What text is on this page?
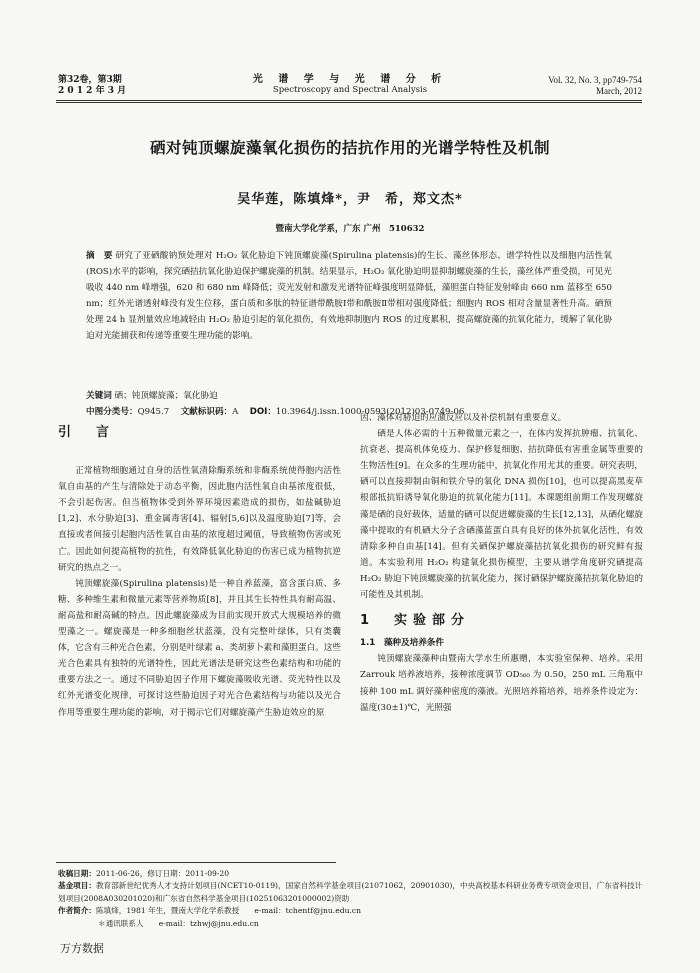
第32卷，第3期
2 0 1 2 年 3 月
光 谱 学 与 光 谱 分 析
Spectroscopy and Spectral Analysis
Vol. 32, No. 3, pp749-754
March, 2012
硒对钝顶螺旋藻氧化损伤的拮抗作用的光谱学特性及机制
吴华莲，陈填烽*，尹　希，郑文杰*
暨南大学化学系，广东 广州　510632
摘　要 研究了亚硒酸钠预处理对 H₂O₂ 氧化胁迫下钝顶螺旋藻(Spirulina platensis)的生长、藻丝体形态、谱学特性以及细胞内活性氧(ROS)水平的影响，探究硒拮抗氧化胁迫保护螺旋藻的机制。结果显示，H₂O₂ 氧化胁迫明显抑制螺旋藻的生长，藻丝体严重受损，可见光吸收 440 nm 峰增强，620 和 680 nm 峰降低；荧光发射和激发光谱特征峰强度明显降低，藻胆蛋白特征发射峰由 660 nm 蓝移至 650 nm；红外光谱透射峰没有发生位移，蛋白质和多肽的特征谱带酰胺Ⅰ带和酰胺Ⅱ带相对强度降低；细胞内 ROS 相对含量显著性升高。硒预处理 24 h 显剂量效应地减轻由 H₂O₂ 胁迫引起的氧化损伤，有效地抑制胞内 ROS 的过度累积，提高螺旋藻的抗氧化能力，缓解了氧化胁迫对光能捕获和传递等重要生理功能的影响。
关键词 硒；钝顶螺旋藻；氧化胁迫
中图分类号：Q945.7   文献标识码：A   DOI：10.3964/j.issn.1000-0593(2012)03-0749-06
引　言

正常植物细胞通过自身的活性氧清除酶系统和非酶系统使得胞内活性氧自由基的产生与清除处于动态平衡，因此胞内活性氧自由基浓度很低，不会引起伤害。但当植物体受到外界环境因素造成的损伤，如盐碱胁迫[1,2]、水分胁迫[3]、重金属毒害[4]、辐射[5,6]以及温度胁迫[7]等，会直接或者间接引起胞内活性氧自由基的浓度超过阈值，导致植物伤害或死亡。因此如何提高植物的抗性，有效降低氧化胁迫的伤害已成为植物抗逆研究的热点之一。

钝顶螺旋藻(Spirulina platensis)是一种自养蓝藻，富含蛋白质、多糖、多种维生素和微量元素等营养物质[8]，并且其生长特性具有耐高温、耐高盐和耐高碱的特点。因此螺旋藻成为目前实现开放式大规模培养的微型藻之一。螺旋藻是一种多细胞丝状蓝藻，没有完整叶绿体，只有类囊体，它含有三种光合色素，分别是叶绿素 a、类胡萝卜素和藻胆蛋白。这些光合色素具有独特的光谱特性，因此光谱法是研究这些色素结构和功能的重要方法之一。通过不同胁迫因子作用下螺旋藻吸收光谱、荧光特性以及红外光谱变化规律，可探讨这些胁迫因子对光合色素结构与功能以及光合作用等重要生理功能的影响，对于揭示它们对螺旋藻产生胁迫效应的原

因、藻体对胁迫的应激反应以及补偿机制有重要意义。

硒是人体必需的十五种微量元素之一，在体内发挥抗肿瘤、抗氧化、抗衰老、提高机体免疫力、保护修复细胞、拮抗降低有害重金属等重要的生物活性[9]。在众多的生理功能中，抗氧化作用尤其的重要。研究表明，硒可以直接抑制由铜和铁介导的氧化 DNA 损伤[10]，也可以提高黑麦草根部抵抗铅诱导氧化胁迫的抗氧化能力[11]。本课题组前期工作发现螺旋藻是硒的良好载体，适量的硒可以促进螺旋藻的生长[12,13]，从硒化螺旋藻中提取的有机硒大分子含硒藻蓝蛋白具有良好的体外抗氧化活性，有效清除多种自由基[14]。但有关硒保护螺旋藻拮抗氧化损伤的研究鲜有报道。本实验利用 H₂O₂ 构建氧化损伤模型，主要从谱学角度研究硒提高 H₂O₂ 胁迫下钝顶螺旋藻的抗氧化能力，探讨硒保护螺旋藻拮抗氧化胁迫的可能性及其机制。

1　实验部分
1.1　藻种及培养条件

钝顶螺旋藻藻种由暨南大学水生所惠赠，本实验室保种、培养。采用 Zarrouk 培养液培养，接种浓度调节 OD₅₆₀ 为 0.50，250 mL 三角瓶中接种 100 mL 调好藻种密度的藻液。光照培养箱培养，培养条件设定为：温度(30±1)℃，光照强

收稿日期：2011-06-26，修订日期：2011-09-20
基金项目：教育部新世纪优秀人才支持计划项目(NCET10-0119)，国家自然科学基金项目(21071062，20901030)，中央高校基本科研业务费专项资金项目，广东省科技计划项目(2008A030201020)和广东省自然科学基金项目(10251063201000002)资助
作者简介：陈填烽，1981 年生，暨南大学化学系教授　　e-mail：tchentf@jnu.edu.cn
＊通讯联系人　　e-mail：tzhwj@jnu.edu.cn
万方数据
